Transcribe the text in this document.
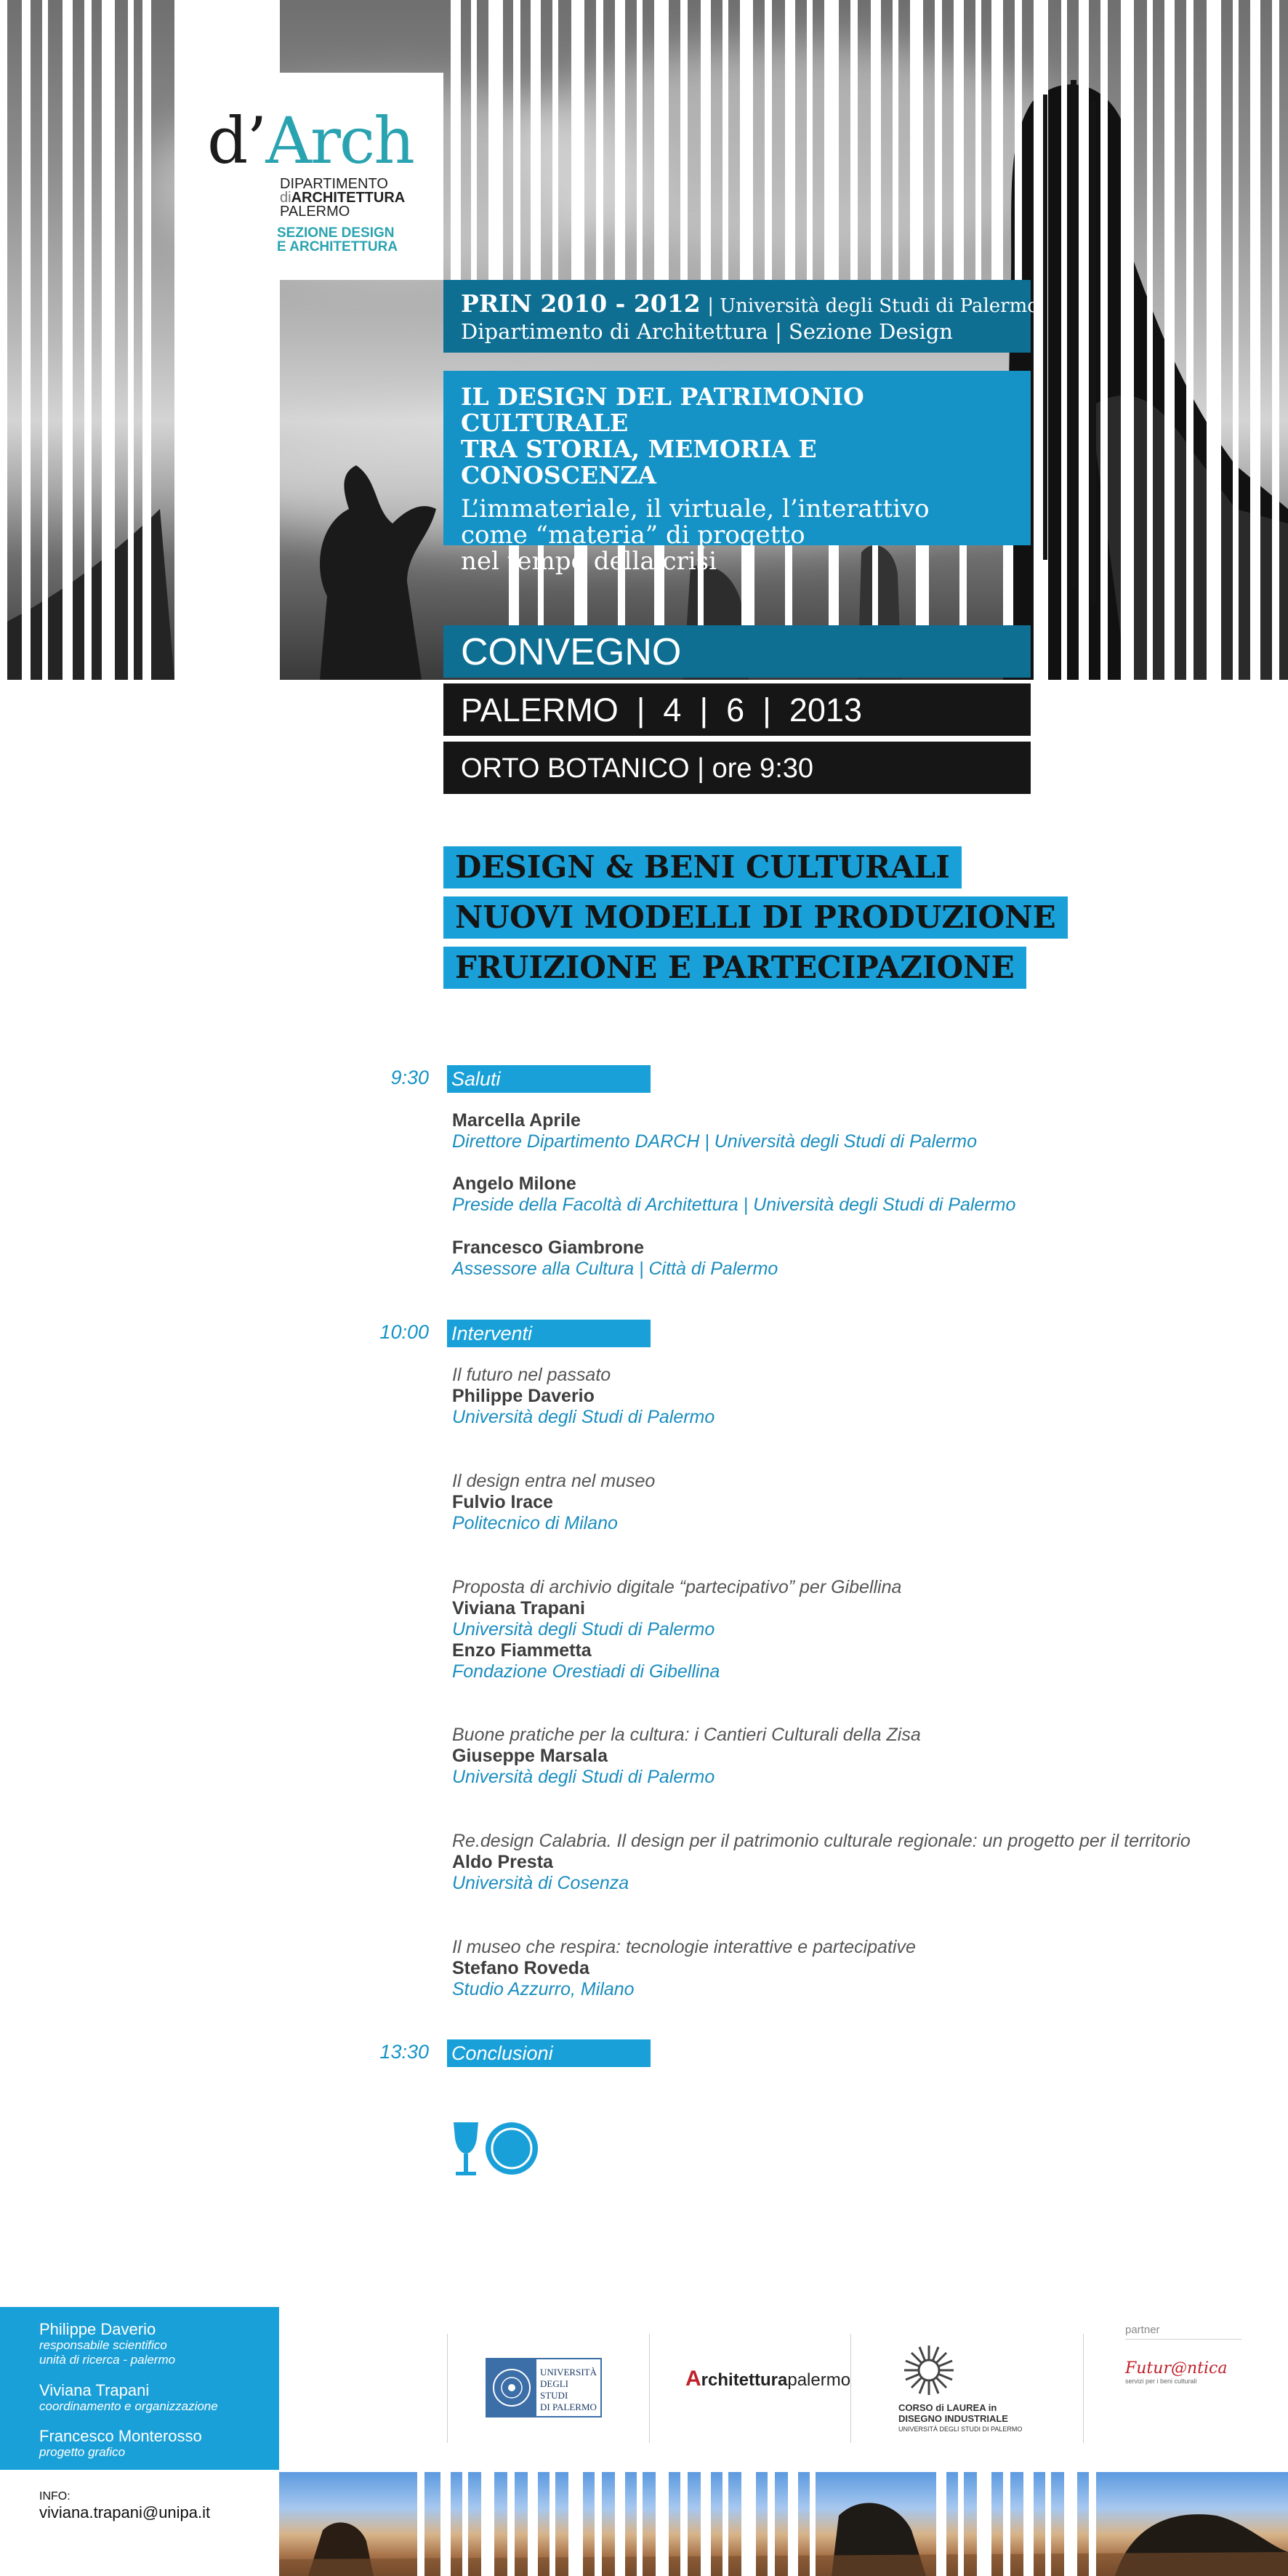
d’Arch
DIPARTIMENTO
diARCHITETTURA
PALERMO
SEZIONE DESIGN
E ARCHITETTURA
PRIN 2010 - 2012 | Università degli Studi di Palermo
Dipartimento di Architettura | Sezione Design
IL DESIGN DEL PATRIMONIO CULTURALE
TRA STORIA, MEMORIA E CONOSCENZA
L’immateriale, il virtuale, l’interattivo
come “materia” di progetto
nel tempo della crisi
CONVEGNO
PALERMO  |  4  |  6  |  2013
ORTO BOTANICO | ore 9:30
DESIGN & BENI CULTURALI
NUOVI MODELLI DI PRODUZIONE
FRUIZIONE E PARTECIPAZIONE
9:30 Saluti
Marcella Aprile
Direttore Dipartimento DARCH | Università degli Studi di Palermo
Angelo Milone
Preside della Facoltà di Architettura | Università degli Studi di Palermo
Francesco Giambrone
Assessore alla Cultura | Città di Palermo
10:00 Interventi
Il futuro nel passato
Philippe Daverio
Università degli Studi di Palermo
Il design entra nel museo
Fulvio Irace
Politecnico di Milano
Proposta di archivio digitale “partecipativo” per Gibellina
Viviana Trapani
Università degli Studi di Palermo
Enzo Fiammetta
Fondazione Orestiadi di Gibellina
Buone pratiche per la cultura: i Cantieri Culturali della Zisa
Giuseppe Marsala
Università degli Studi di Palermo
Re.design Calabria. Il design per il patrimonio culturale regionale: un progetto per il territorio
Aldo Presta
Università di Cosenza
Il museo che respira: tecnologie interattive e partecipative
Stefano Roveda
Studio Azzurro, Milano
13:30 Conclusioni
Philippe Daverio
responsabile scientifico
unità di ricerca - palermo
Viviana Trapani
coordinamento e organizzazione
Francesco Monterosso
progetto grafico
INFO:
viviana.trapani@unipa.it
UNIVERSITÀ
DEGLI STUDI
DI PALERMO
Architetturapalermo
CORSO di LAUREA in
DISEGNO INDUSTRIALE
UNIVERSITÀ DEGLI STUDI DI PALERMO
partner
Futur@ntica
servizi per i beni culturali
